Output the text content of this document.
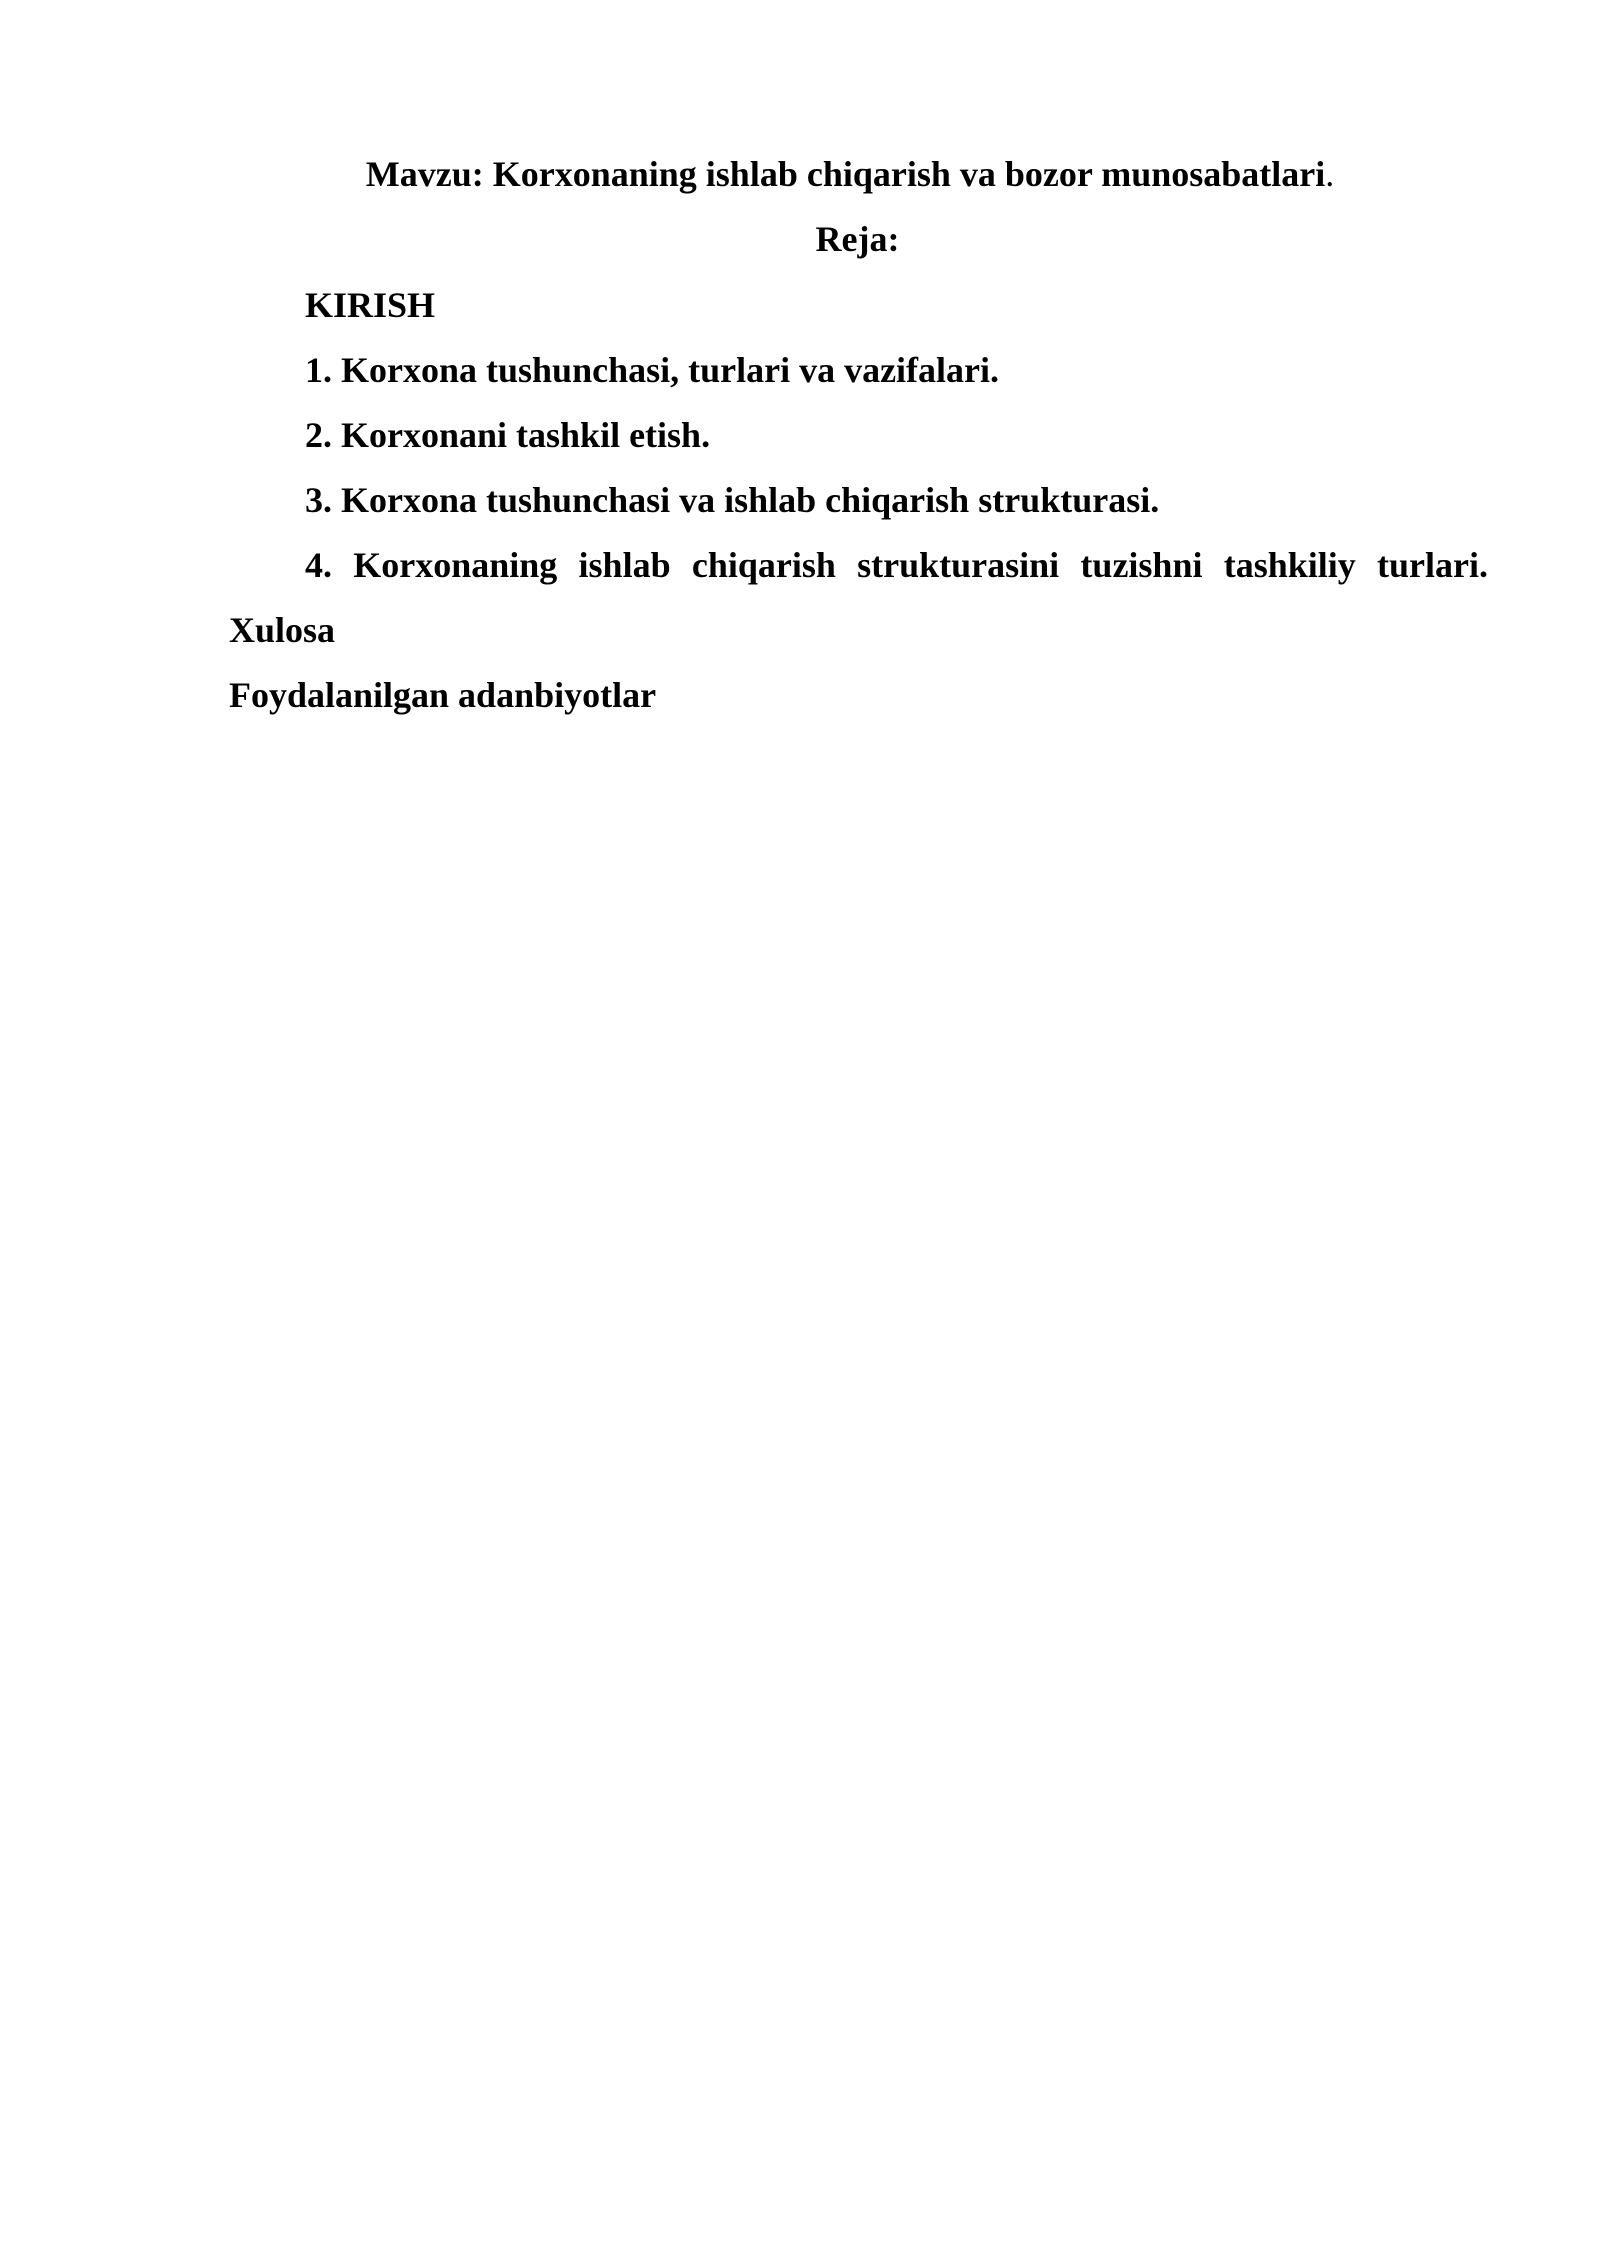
Mavzu: Korxonaning ishlab chiqarish va bozor munosabatlari.
Reja:
KIRISH
1. Korxona tushunchasi, turlari va vazifalari.
2. Korxonani tashkil etish.
3. Korxona tushunchasi va ishlab chiqarish strukturasi.
4. Korxonaning ishlab chiqarish strukturasini tuzishni tashkiliy turlari.
Xulosa
Foydalanilgan adanbiyotlar
